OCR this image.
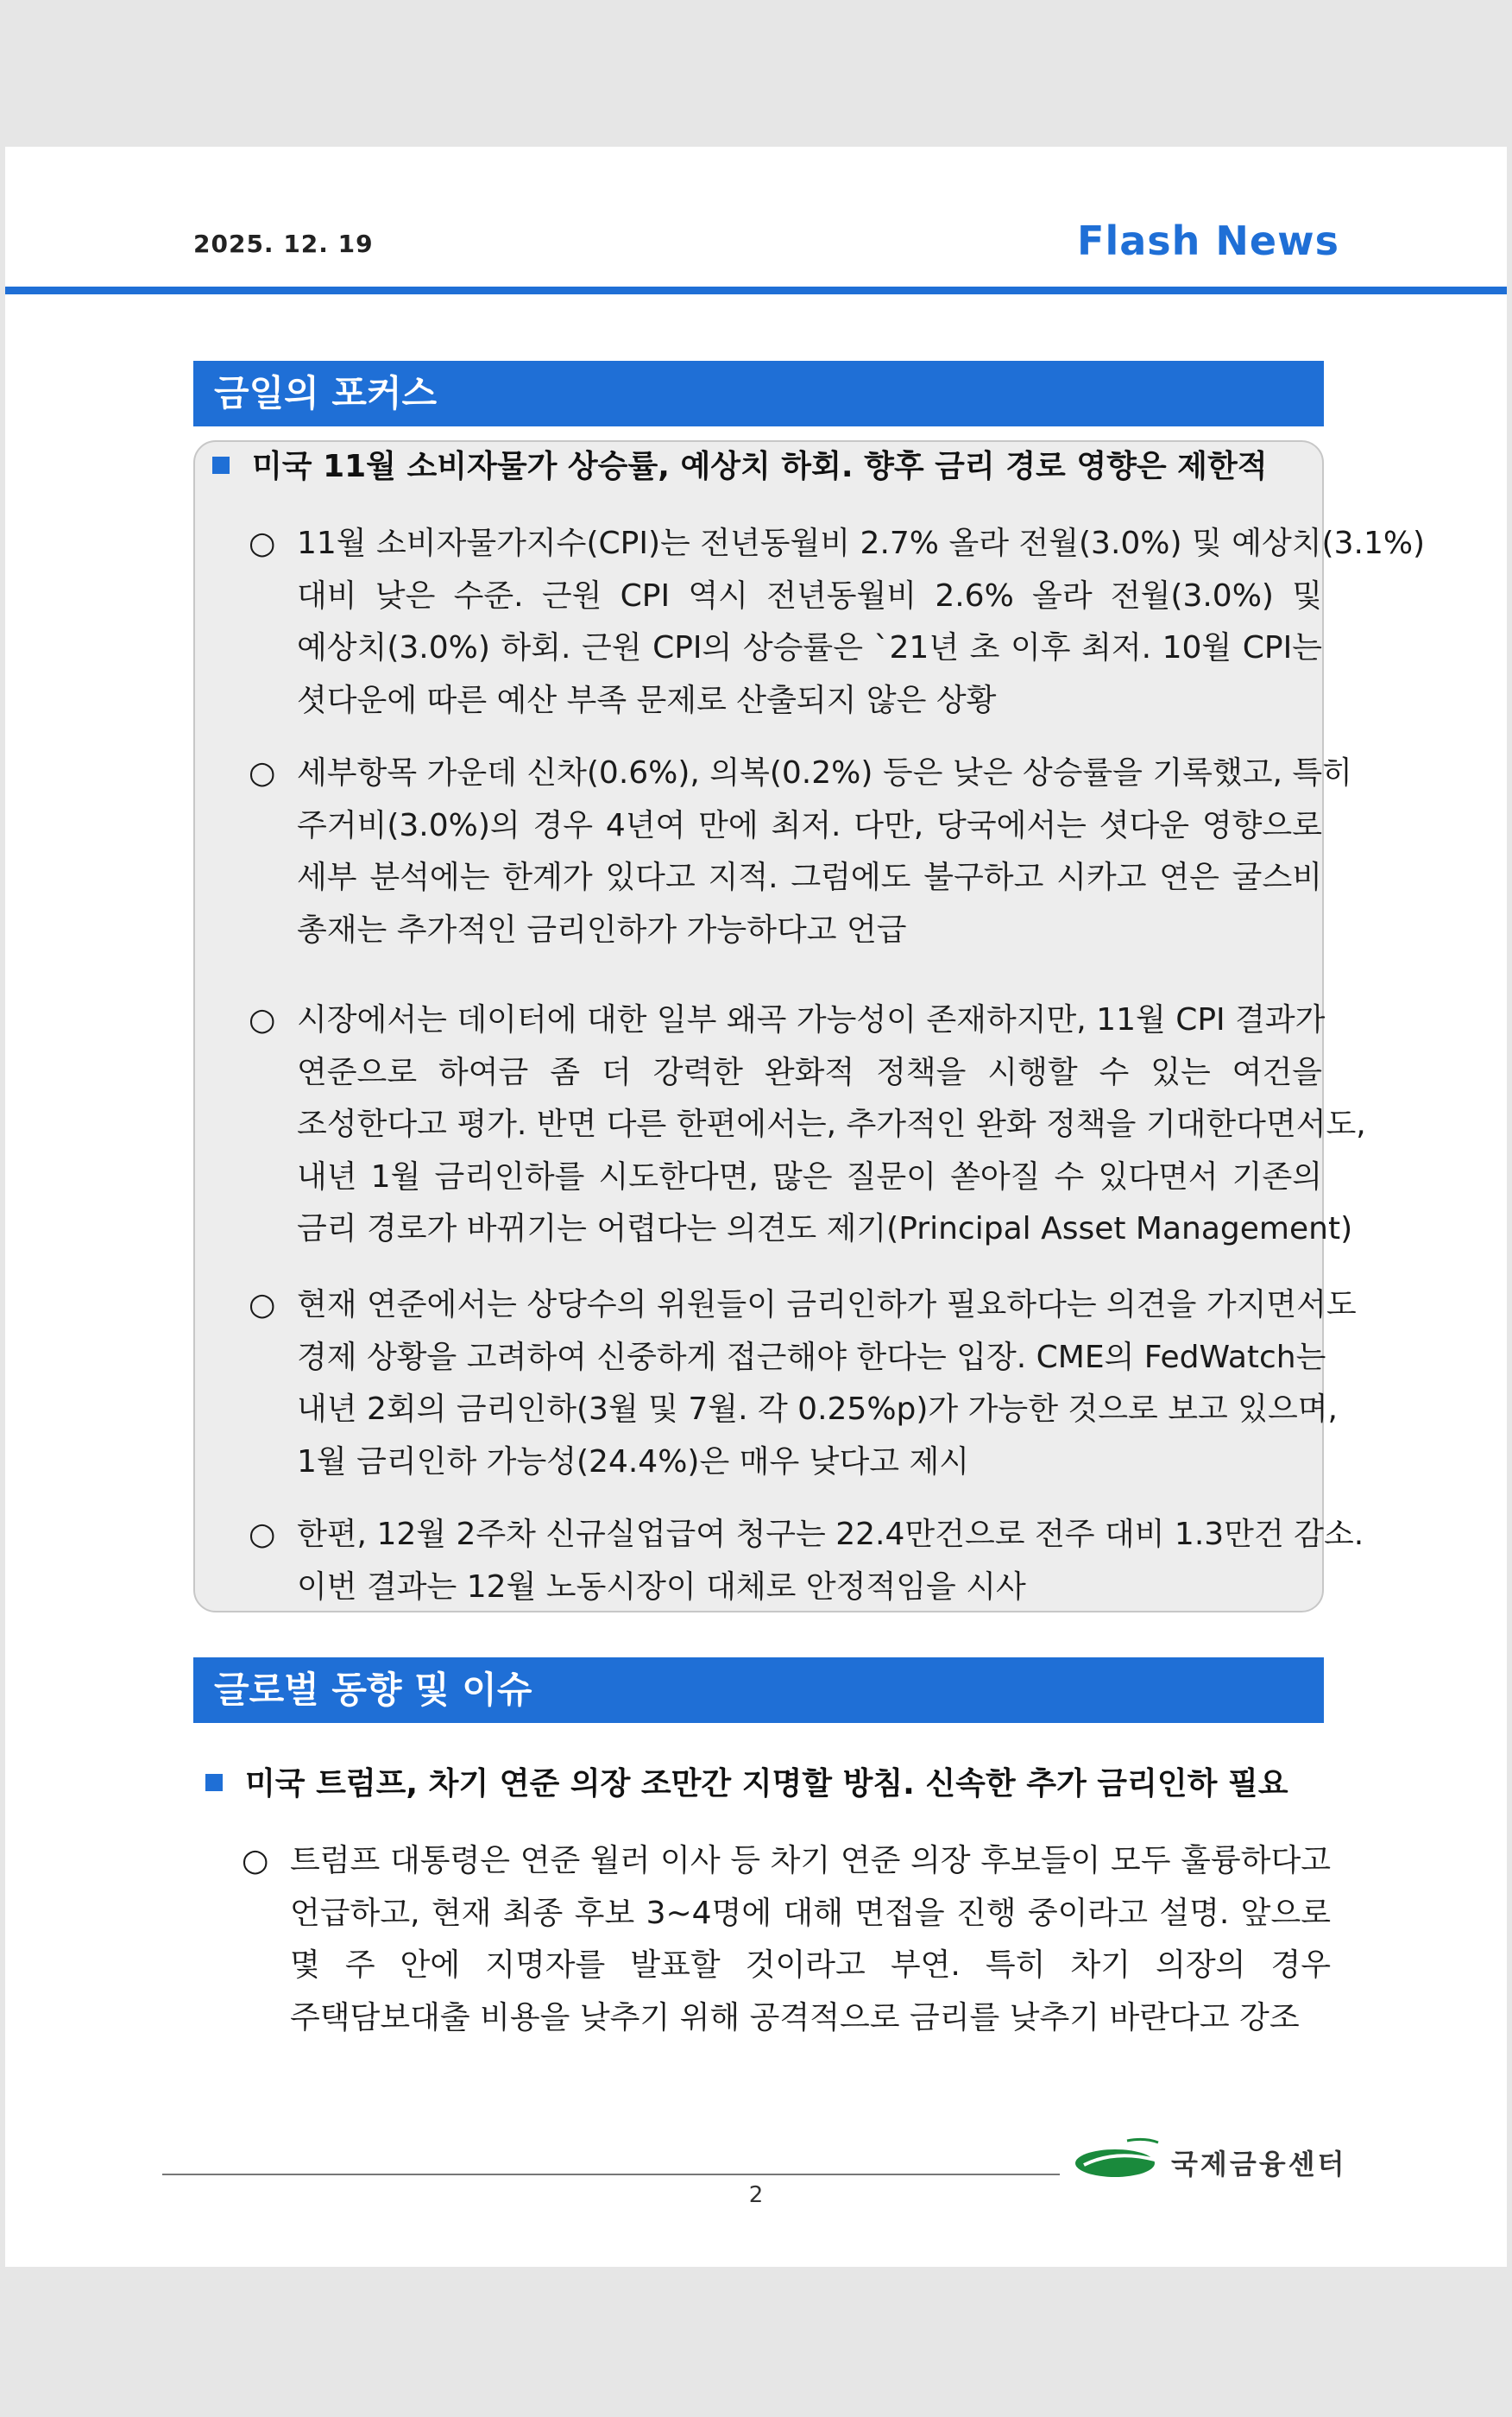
2025. 12. 19	Flash News
금일의 포커스
미국 11월 소비자물가 상승률, 예상치 하회. 향후 금리 경로 영향은 제한적
○ 11월 소비자물가지수(CPI)는 전년동월비 2.7% 올라 전월(3.0%) 및 예상치(3.1%)
대비 낮은 수준. 근원 CPI 역시 전년동월비 2.6% 올라 전월(3.0%) 및
예상치(3.0%) 하회. 근원 CPI의 상승률은 `21년 초 이후 최저. 10월 CPI는
셧다운에 따른 예산 부족 문제로 산출되지 않은 상황
○ 세부항목 가운데 신차(0.6%), 의복(0.2%) 등은 낮은 상승률을 기록했고, 특히
주거비(3.0%)의 경우 4년여 만에 최저. 다만, 당국에서는 셧다운 영향으로
세부 분석에는 한계가 있다고 지적. 그럼에도 불구하고 시카고 연은 굴스비
총재는 추가적인 금리인하가 가능하다고 언급
○ 시장에서는 데이터에 대한 일부 왜곡 가능성이 존재하지만, 11월 CPI 결과가
연준으로 하여금 좀 더 강력한 완화적 정책을 시행할 수 있는 여건을
조성한다고 평가. 반면 다른 한편에서는, 추가적인 완화 정책을 기대한다면서도,
내년 1월 금리인하를 시도한다면, 많은 질문이 쏟아질 수 있다면서 기존의
금리 경로가 바뀌기는 어렵다는 의견도 제기(Principal Asset Management)
○ 현재 연준에서는 상당수의 위원들이 금리인하가 필요하다는 의견을 가지면서도
경제 상황을 고려하여 신중하게 접근해야 한다는 입장. CME의 FedWatch는
내년 2회의 금리인하(3월 및 7월. 각 0.25%p)가 가능한 것으로 보고 있으며,
1월 금리인하 가능성(24.4%)은 매우 낮다고 제시
○ 한편, 12월 2주차 신규실업급여 청구는 22.4만건으로 전주 대비 1.3만건 감소.
이번 결과는 12월 노동시장이 대체로 안정적임을 시사
글로벌 동향 및 이슈
미국 트럼프, 차기 연준 의장 조만간 지명할 방침. 신속한 추가 금리인하 필요
○ 트럼프 대통령은 연준 월러 이사 등 차기 연준 의장 후보들이 모두 훌륭하다고
언급하고, 현재 최종 후보 3~4명에 대해 면접을 진행 중이라고 설명. 앞으로
몇 주 안에 지명자를 발표할 것이라고 부연. 특히 차기 의장의 경우
주택담보대출 비용을 낮추기 위해 공격적으로 금리를 낮추기 바란다고 강조
국제금융센터
2
